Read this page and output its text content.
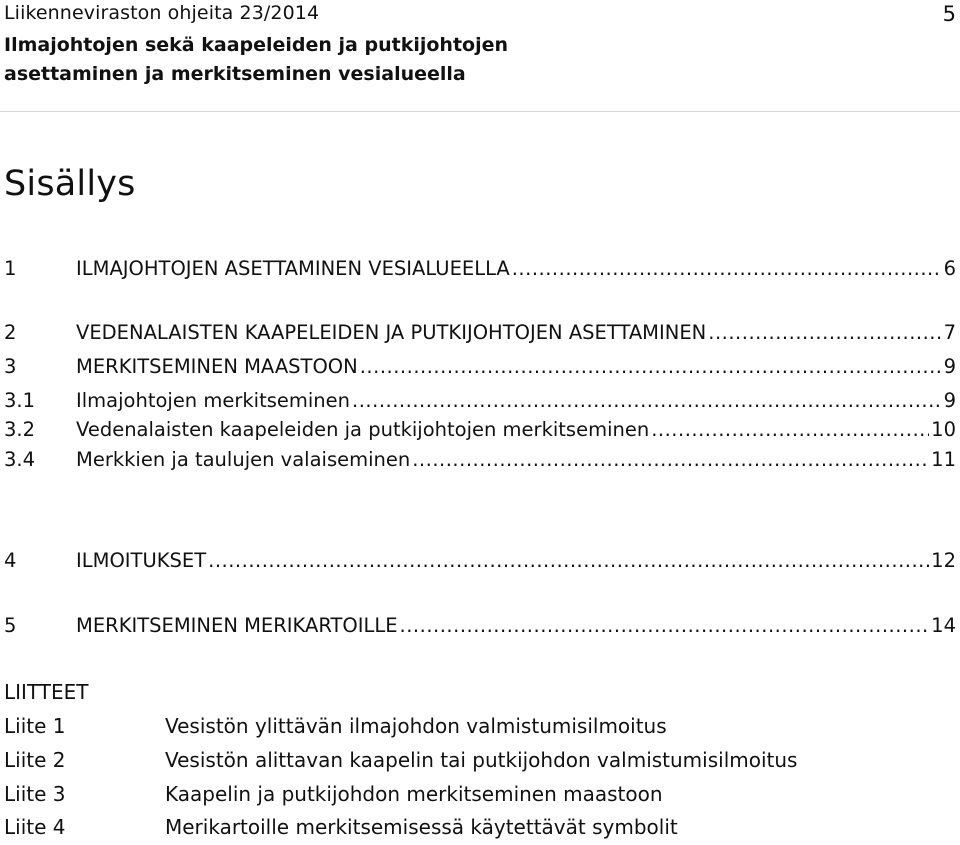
Liikenneviraston ohjeita 23/2014
Ilmajohtojen sekä kaapeleiden ja putkijohtojen
asettaminen ja merkitseminen vesialueella
5
Sisällys
1	ILMAJOHTOJEN ASETTAMINEN VESIALUEELLA .....	6
2	VEDENALAISTEN KAAPELEIDEN JA PUTKIJOHTOJEN ASETTAMINEN .....	7
3	MERKITSEMINEN MAASTOON .....	9
3.1 Ilmajohtojen merkitseminen .....	9
3.2 Vedenalaisten kaapeleiden ja putkijohtojen merkitseminen .....	10
3.4 Merkkien ja taulujen valaiseminen .....	11
4	ILMOITUKSET .....	12
5	MERKITSEMINEN MERIKARTOILLE .....	14
LIITTEET
Liite 1	Vesistön ylittävän ilmajohdon valmistumisilmoitus
Liite 2	Vesistön alittavan kaapelin tai putkijohdon valmistumisilmoitus
Liite 3	Kaapelin ja putkijohdon merkitseminen maastoon
Liite 4	Merikartoille merkitsemisessä käytettävät symbolit
